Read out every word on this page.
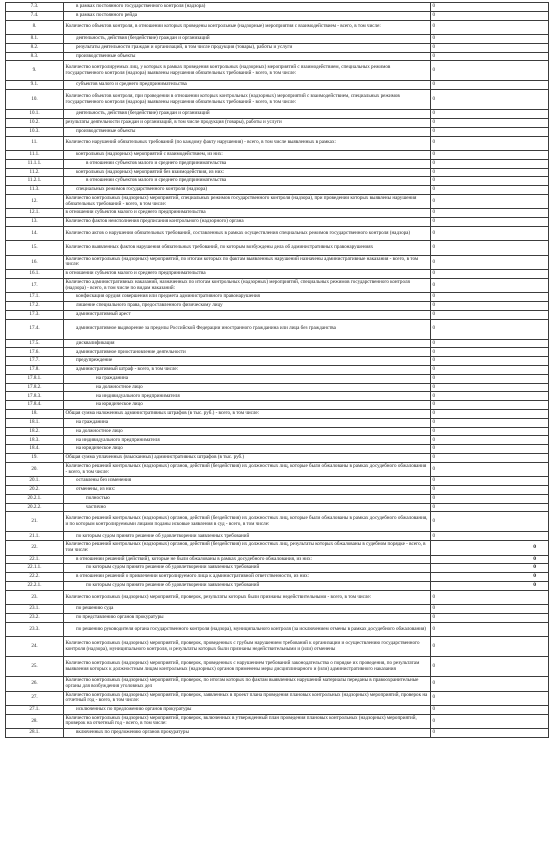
7.3.	в рамках постоянного государственного контроля (надзора)	0
7.4.	в рамках постоянного рейда	0
8.	Количество объектов контроля, в отношении которых проведены контрольные (надзорные) мероприятия с взаимодействием - всего, в том числе:	0
8.1.	деятельность, действия (бездействие) граждан и организаций	0
8.2.	результаты деятельности граждан и организаций, в том числе продукция (товары), работы и услуги	0
8.3.	производственные объекты	0
9.	Количество контролируемых лиц, у которых в рамках проведения контрольных (надзорных) мероприятий с взаимодействием, специальных режимов государственного контроля (надзора) выявлены нарушения обязательных требований - всего, в том числе:	0
9.1.	субъектов малого и среднего предпринимательства	0
10.	Количество объектов контроля, при проведении в отношении которых контрольных (надзорных) мероприятий с взаимодействием, специальных режимов государственного контроля (надзора) выявлены нарушения обязательных требований - всего, в том числе:	0
10.1.	деятельность, действия (бездействие) граждан и организаций	0
10.2.	результаты деятельности граждан и организаций, в том числе продукция (товары), работы и услуги	0
10.3.	производственные объекты	0
11.	Количество нарушений обязательных требований (по каждому факту нарушения) - всего, в том числе выявленных в рамках:	0
11.1.	контрольных (надзорных) мероприятий с взаимодействием, из них:	0
11.1.1.	в отношении субъектов малого и среднего предпринимательства	0
11.2.	контрольных (надзорных) мероприятий без взаимодействия, из них:	0
11.2.1.	в отношении субъектов малого и среднего предпринимательства	0
11.3.	специальных режимов государственного контроля (надзора)	0
12.	Количество контрольных (надзорных) мероприятий, специальных режимов государственного контроля (надзора), при проведении которых выявлены нарушения обязательных требований - всего, в том числе:	0
12.1.	в отношении субъектов малого и среднего предпринимательства	0
13.	Количество фактов неисполнения предписания контрольного (надзорного) органа	0
14.	Количество актов о нарушении обязательных требований, составленных в рамках осуществления специальных режимов государственного контроля (надзора)	0
15.	Количество выявленных фактов нарушения обязательных требований, по которым возбуждены дела об административных правонарушениях	0
16.	Количество контрольных (надзорных) мероприятий, по итогам которых по фактам выявленных нарушений назначены административные наказания - всего, в том числе:	0
16.1.	в отношении субъектов малого и среднего предпринимательства	0
17.	Количество административных наказаний, назначенных по итогам контрольных (надзорных) мероприятий, специальных режимов государственного контроля (надзора) - всего, в том числе по видам наказаний:	0
17.1.	конфискация орудия совершения или предмета административного правонарушения	0
17.2.	лишение специального права, предоставленного физическому лицу	0
17.3.	административный арест	0
17.4.	административное выдворение за пределы Российской Федерации иностранного гражданина или лица без гражданства	0
17.5.	дисквалификация	0
17.6.	административное приостановление деятельности	0
17.7.	предупреждение	0
17.8.	административный штраф - всего, в том числе:	0
17.8.1.	на гражданина	0
17.8.2.	на должностное лицо	0
17.8.3.	на индивидуального предпринимателя	0
17.8.4.	на юридическое лицо	0
18.	Общая сумма наложенных административных штрафов (в тыс. руб.) - всего, в том числе:	0
18.1.	на гражданина	0
18.2.	на должностное лицо	0
18.3.	на индивидуального предпринимателя	0
18.4.	на юридическое лицо	0
19.	Общая сумма уплаченных (взысканных) административных штрафов (в тыс. руб.)	0
20.	Количество решений контрольных (надзорных) органов, действий (бездействия) их должностных лиц, которые были обжалованы в рамках досудебного обжалования - всего, в том числе:	0
20.1.	оставлены без изменения	0
20.2.	отменены, из них:	0
20.2.1.	полностью	0
20.2.2.	частично	0
21.	Количество решений контрольных (надзорных) органов, действий (бездействия) их должностных лиц, которые были обжалованы в рамках досудебного обжалования, и по которым контролируемыми лицами поданы исковые заявления в суд - всего, в том числе:	0
21.1.	по которым судом принято решение об удовлетворении заявленных требований	0
22.	Количество решений контрольных (надзорных) органов, действий (бездействия) их должностных лиц, результаты которых обжалованы в судебном порядке - всего, в том числе:	0
22.1.	в отношении решений (действий), которые не были обжалованы в рамках досудебного обжалования, из них:	0
22.1.1.	по которым судом принято решение об удовлетворении заявленных требований	0
22.2.	в отношении решений о привлечении контролируемого лица к административной ответственности, из них:	0
22.2.1.	по которым судом принято решение об удовлетворении заявленных требований	0
23.	Количество контрольных (надзорных) мероприятий, проверок, результаты которых были признаны недействительными - всего, в том числе:	0
23.1.	по решению суда	0
23.2.	по представлению органов прокуратуры	0
23.3.	по решению руководителя органа государственного контроля (надзора), муниципального контроля (за исключением отмены в рамках досудебного обжалования)	0
24.	Количество контрольных (надзорных) мероприятий, проверок, проведенных с грубым нарушением требований к организации и осуществлению государственного контроля (надзора), муниципального контроля, и результаты которых были признаны недействительными и (или) отменены	0
25.	Количество контрольных (надзорных) мероприятий, проверок, проведенных с нарушением требований законодательства о порядке их проведения, по результатам выявления которых к должностным лицам контрольных (надзорных) органов применены меры дисциплинарного и (или) административного наказания	0
26.	Количество контрольных (надзорных) мероприятий, проверок, по итогам которых по фактам выявленных нарушений материалы переданы в правоохранительные органы для возбуждения уголовных дел	0
27.	Количество контрольных (надзорных) мероприятий, проверок, заявленных в проект плана проведения плановых контрольных (надзорных) мероприятий, проверок на отчетный год - всего, в том числе:	0
27.1.	исключенных по предложению органов прокуратуры	0
28.	Количество контрольных (надзорных) мероприятий, проверок, включенных в утвержденный план проведения плановых контрольных (надзорных) мероприятий, проверок на отчетный год - всего, в том числе:	0
28.1.	включенных по предложению органов прокуратуры	0
